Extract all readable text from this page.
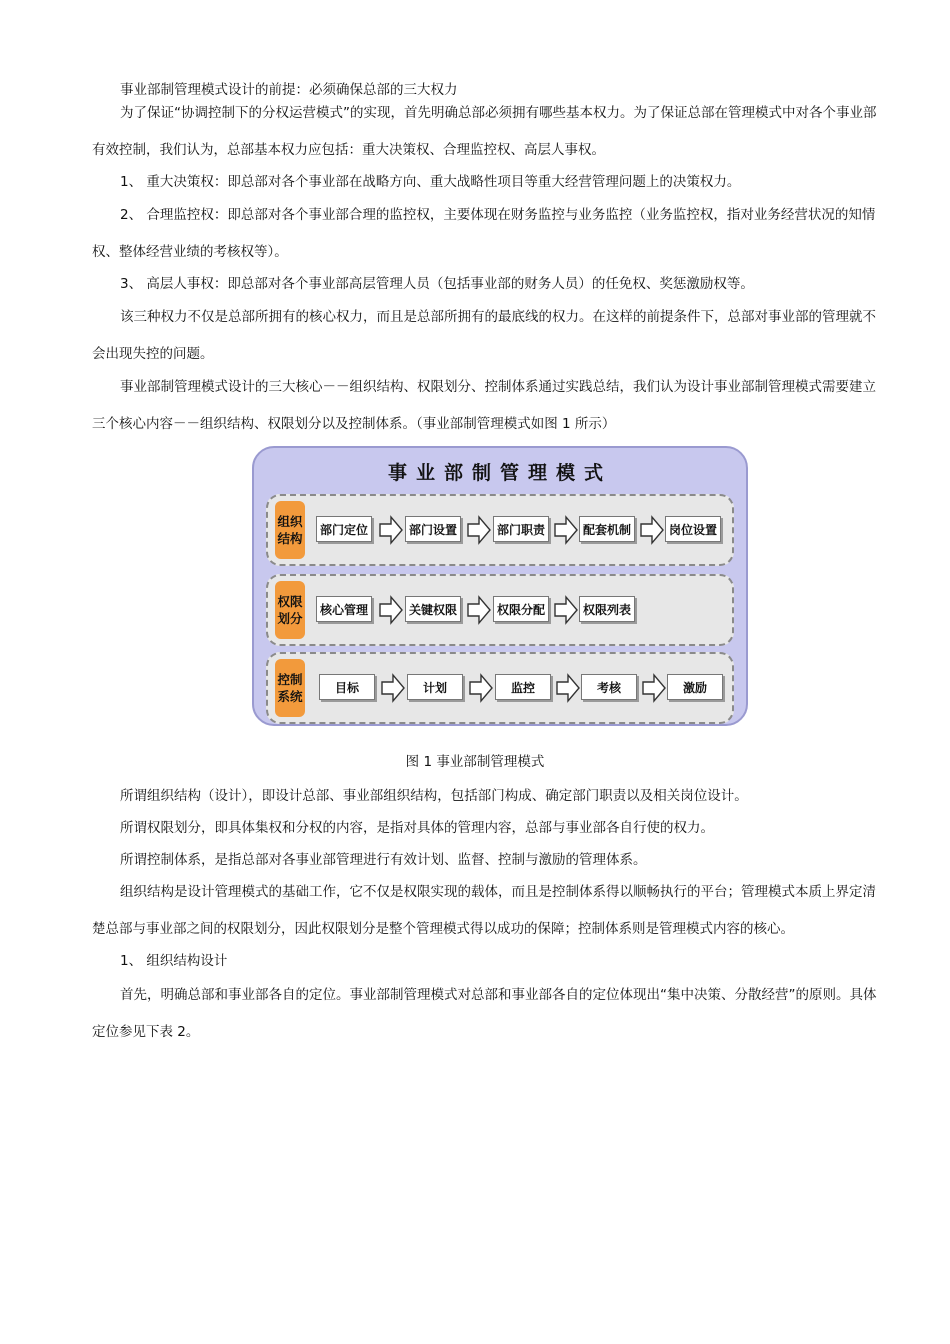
事业部制管理模式设计的前提：必须确保总部的三大权力

为了保证“协调控制下的分权运营模式”的实现，首先明确总部必须拥有哪些基本权力。为了保证总部在管理模式中对各个事业部有效控制，我们认为，总部基本权力应包括：重大决策权、合理监控权、高层人事权。

1、 重大决策权：即总部对各个事业部在战略方向、重大战略性项目等重大经营管理问题上的决策权力。

2、 合理监控权：即总部对各个事业部合理的监控权，主要体现在财务监控与业务监控（业务监控权，指对业务经营状况的知情权、整体经营业绩的考核权等）。

3、 高层人事权：即总部对各个事业部高层管理人员（包括事业部的财务人员）的任免权、奖惩激励权等。

该三种权力不仅是总部所拥有的核心权力，而且是总部所拥有的最底线的权力。在这样的前提条件下，总部对事业部的管理就不会出现失控的问题。

事业部制管理模式设计的三大核心－－组织结构、权限划分、控制体系通过实践总结，我们认为设计事业部制管理模式需要建立三个核心内容－－组织结构、权限划分以及控制体系。（事业部制管理模式如图 1 所示）

事业部制管理模式
组织结构
部门定位	部门设置	部门职责	配套机制	岗位设置
权限划分
核心管理	关键权限	权限分配	权限列表
控制系统
目标	计划	监控	考核	激励
图 1 事业部制管理模式

所谓组织结构（设计），即设计总部、事业部组织结构，包括部门构成、确定部门职责以及相关岗位设计。

所谓权限划分，即具体集权和分权的内容，是指对具体的管理内容，总部与事业部各自行使的权力。

所谓控制体系，是指总部对各事业部管理进行有效计划、监督、控制与激励的管理体系。

组织结构是设计管理模式的基础工作，它不仅是权限实现的载体，而且是控制体系得以顺畅执行的平台；管理模式本质上界定清楚总部与事业部之间的权限划分，因此权限划分是整个管理模式得以成功的保障；控制体系则是管理模式内容的核心。

1、 组织结构设计

首先，明确总部和事业部各自的定位。事业部制管理模式对总部和事业部各自的定位体现出“集中决策、分散经营”的原则。具体定位参见下表 2。
